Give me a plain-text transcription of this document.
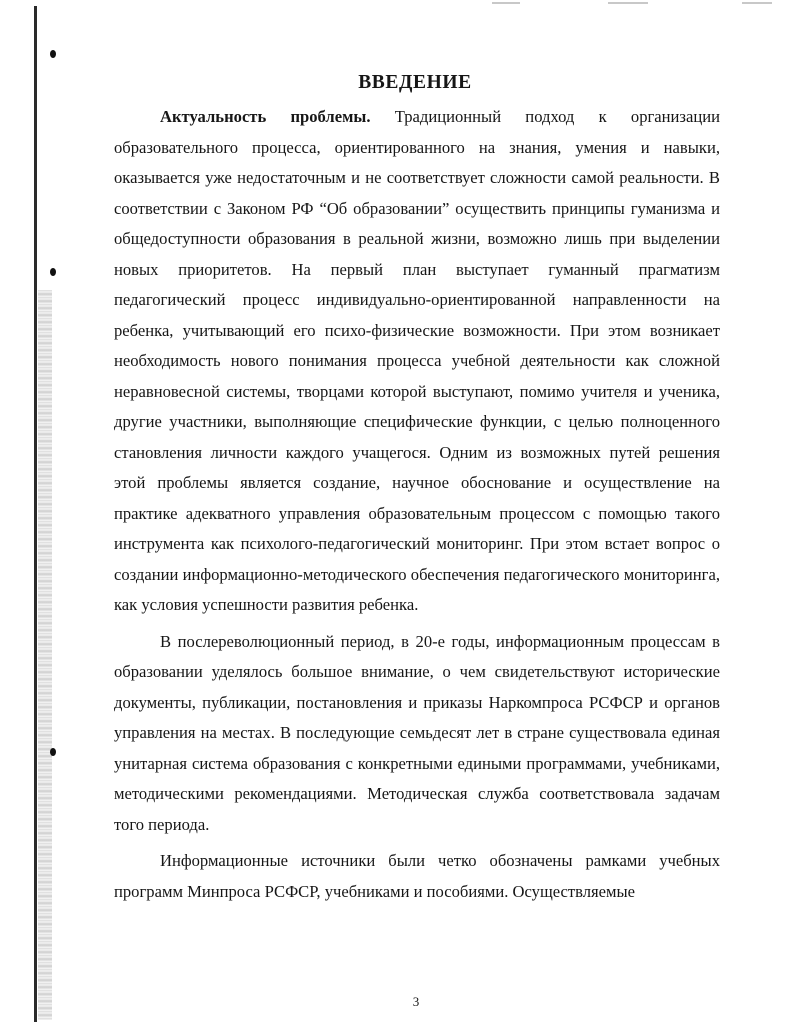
ВВЕДЕНИЕ

Актуальность проблемы. Традиционный подход к организации образовательного процесса, ориентированного на знания, умения и навыки, оказывается уже недостаточным и не соответствует сложности самой реальности. В соответствии с Законом РФ “Об образовании” осуществить принципы гуманизма и общедоступности образования в реальной жизни, возможно лишь при выделении новых приоритетов. На первый план выступает гуманный прагматизм педагогический процесс индивидуально-ориентированной направленности на ребенка, учитывающий его психо-физические возможности. При этом возникает необходимость нового понимания процесса учебной деятельности как сложной неравновесной системы, творцами которой выступают, помимо учителя и ученика, другие участники, выполняющие специфические функции, с целью полноценного становления личности каждого учащегося. Одним из возможных путей решения этой проблемы является создание, научное обоснование и осуществление на практике адекватного управления образовательным процессом с помощью такого инструмента как психолого-педагогический мониторинг. При этом встает вопрос о создании информационно-методического обеспечения педагогического мониторинга, как условия успешности развития ребенка.

В послереволюционный период, в 20-е годы, информационным процессам в образовании уделялось большое внимание, о чем свидетельствуют исторические документы, публикации, постановления и приказы Наркомпроса РСФСР и органов управления на местах. В последующие семьдесят лет в стране существовала единая унитарная система образования с конкретными едиными программами, учебниками, методическими рекомендациями. Методическая служба соответствовала задачам того периода.

Информационные источники были четко обозначены рамками учебных программ Минпроса РСФСР, учебниками и пособиями. Осуществляемые

3
